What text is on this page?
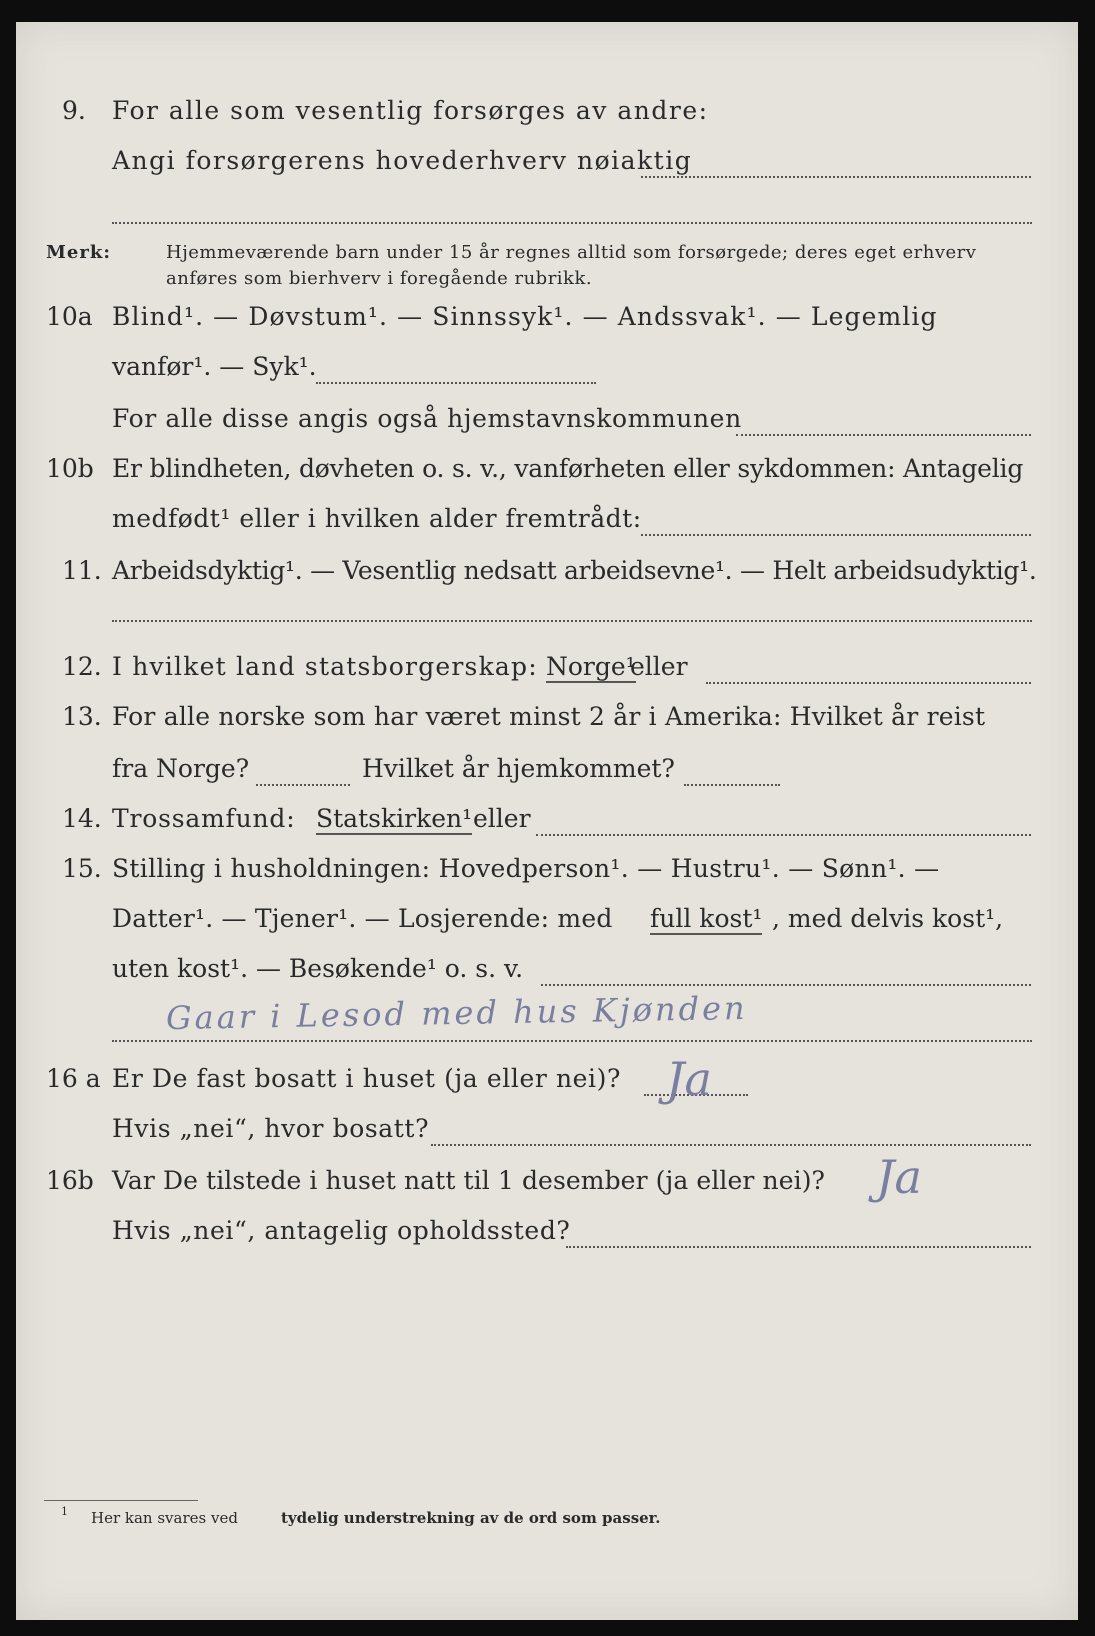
9. For alle som vesentlig forsørges av andre:
Angi forsørgerens hovederhverv nøiaktig
Merk:	Hjemmeværende barn under 15 år regnes alltid som forsørgede; deres eget erhverv
anføres som bierhverv i foregående rubrikk.
10a Blind¹. — Døvstum¹. — Sinnssyk¹. — Andssvak¹. — Legemlig
vanfør¹. — Syk¹.
For alle disse angis også hjemstavnskommunen
10b Er blindheten, døvheten o. s. v., vanførheten eller sykdommen: Antagelig
medfødt¹ eller i hvilken alder fremtrådt:
11. Arbeidsdyktig¹. — Vesentlig nedsatt arbeidsevne¹. — Helt arbeidsudyktig¹.
12. I hvilket land statsborgerskap: Norge¹
eller
13. For alle norske som har været minst 2 år i Amerika: Hvilket år reist
fra Norge?	Hvilket år hjemkommet?
14. Trossamfund: Statskirken¹ eller
15. Stilling i husholdningen: Hovedperson¹. — Hustru¹. — Sønn¹. —
Datter¹. — Tjener¹. — Losjerende: med full kost¹ , med delvis kost¹,
uten kost¹. — Besøkende¹ o. s. v.
Gaar i Lesod med hus Kjønden
16 a Er De fast bosatt i huset (ja eller nei)? Ja
Hvis „nei“, hvor bosatt?
16b Var De tilstede i huset natt til 1 desember (ja eller nei)? Ja
Hvis „nei“, antagelig opholdssted?
1 Her kan svares ved	tydelig understrekning av de ord som passer.
